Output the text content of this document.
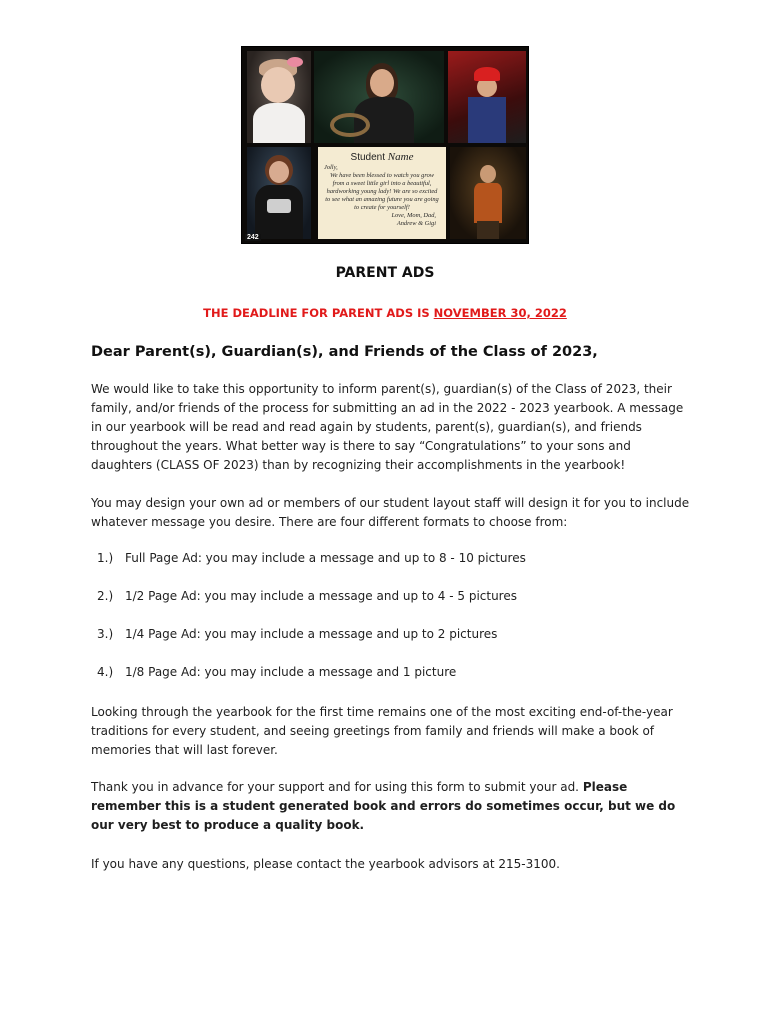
Student Name
Jolly,
We have been blessed to watch you grow from a sweet little girl into a beautiful, hardworking young lady! We are so excited to see what an amazing future you are going to create for yourself!
Love, Mom, Dad,
Andrew & Gigi
242
PARENT ADS
THE DEADLINE FOR PARENT ADS IS NOVEMBER 30, 2022
Dear Parent(s), Guardian(s), and Friends of the Class of 2023,

We would like to take this opportunity to inform parent(s), guardian(s) of the Class of 2023, their family, and/or friends of the process for submitting an ad in the 2022 - 2023 yearbook. A message in our yearbook will be read and read again by students, parent(s), guardian(s), and friends throughout the years. What better way is there to say “Congratulations” to your sons and daughters (CLASS OF 2023) than by recognizing their accomplishments in the yearbook!

You may design your own ad or members of our student layout staff will design it for you to include whatever message you desire. There are four different formats to choose from:

1.) Full Page Ad: you may include a message and up to 8 - 10 pictures
2.) 1/2 Page Ad: you may include a message and up to 4 - 5 pictures
3.) 1/4 Page Ad: you may include a message and up to 2 pictures
4.) 1/8 Page Ad: you may include a message and 1 picture

Looking through the yearbook for the first time remains one of the most exciting end-of-the-year traditions for every student, and seeing greetings from family and friends will make a book of memories that will last forever.

Thank you in advance for your support and for using this form to submit your ad. Please remember this is a student generated book and errors do sometimes occur, but we do our very best to produce a quality book.

If you have any questions, please contact the yearbook advisors at 215-3100.
